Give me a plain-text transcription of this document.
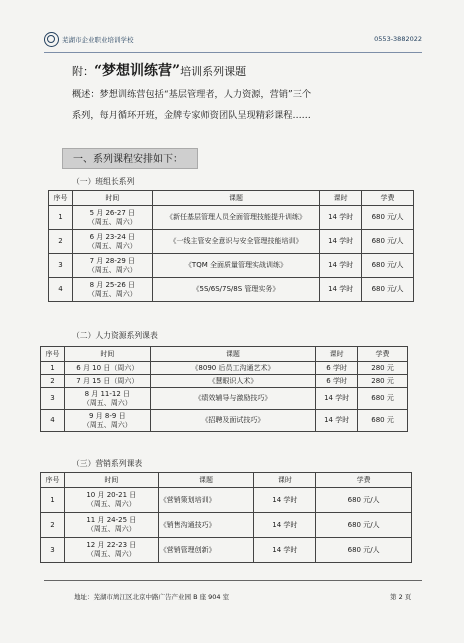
芜湖市企业职业培训学校	0553-3882022
附：“梦想训练营”培训系列课题
概述：梦想训练营包括“基层管理者，人力资源，营销”三个
系列，每月循环开班，金牌专家师资团队呈现精彩课程……
一、系列课程安排如下：
（一）班组长系列
序号	时间	课题	课时	学费
1	5 月 26-27 日
（周五、周六）	《新任基层管理人员全面管理技能提升训练》	14 学时	680 元/人
2	6 月 23-24 日
（周五、周六）	《一线主管安全意识与安全管理技能培训》	14 学时	680 元/人
3	7 月 28-29 日
（周五、周六）	《TQM 全面质量管理实战训练》	14 学时	680 元/人
4	8 月 25-26 日
（周五、周六）	《5S/6S/7S/8S 管理实务》	14 学时	680 元/人
（二）人力资源系列课表
序号	时间	课题	课时	学费
1	6 月 10 日（周六）	《8090 后员工沟通艺术》	6 学时	280 元
2	7 月 15 日（周六）	《慧眼识人术》	6 学时	280 元
3	8 月 11-12 日
（周五、周六）	《绩效辅导与激励技巧》	14 学时	680 元
4	9 月 8-9 日
（周五、周六）	《招聘及面试技巧》	14 学时	680 元
（三）营销系列课表
序号	时间	课题	课时	学费
1	10 月 20-21 日
（周五、周六）	《营销策划培训》	14 学时	680 元/人
2	11 月 24-25 日
（周五、周六）	《销售沟通技巧》	14 学时	680 元/人
3	12 月 22-23 日
（周五、周六）	《营销管理创新》	14 学时	680 元/人
地址：芜湖市鸠江区北京中路广告产业园 B 座 904 室	第 2 页
